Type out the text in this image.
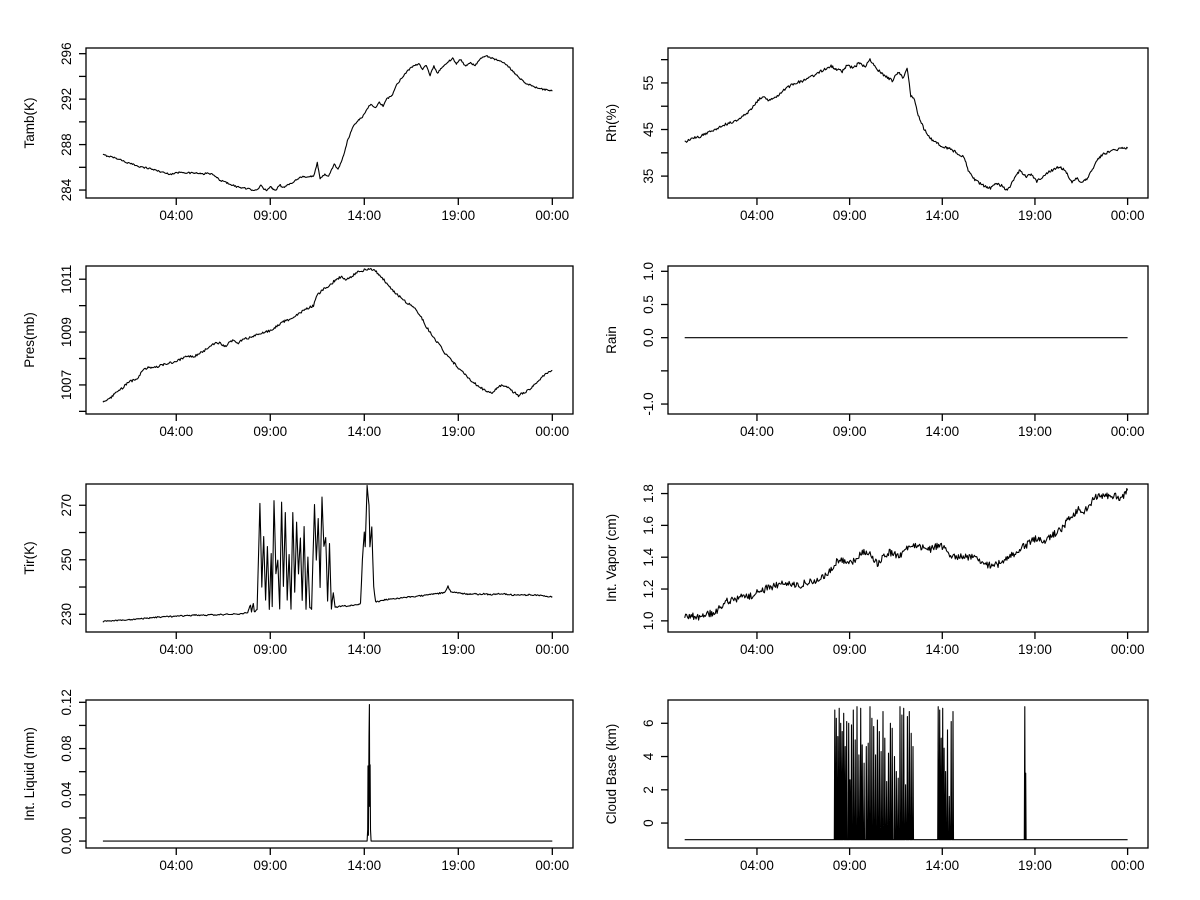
04:00	09:00	14:00	19:00	00:00
284
288
292
296
Tamb(K)
04:00	09:00	14:00	19:00	00:00
35
45
55
Rh(%)
04:00	09:00	14:00	19:00	00:00
1007
1009
1011
Pres(mb)
04:00	09:00	14:00	19:00	00:00
-1.0
0.0
0.5
1.0
Rain
04:00	09:00	14:00	19:00	00:00
230
250
270
Tir(K)
04:00	09:00	14:00	19:00	00:00
1.0
1.2
1.4
1.6
1.8
Int. Vapor (cm)
04:00	09:00	14:00	19:00	00:00
0.00
0.04
0.08
0.12
Int. Liquid (mm)
04:00	09:00	14:00	19:00	00:00
0
2
4
6
Cloud Base (km)
